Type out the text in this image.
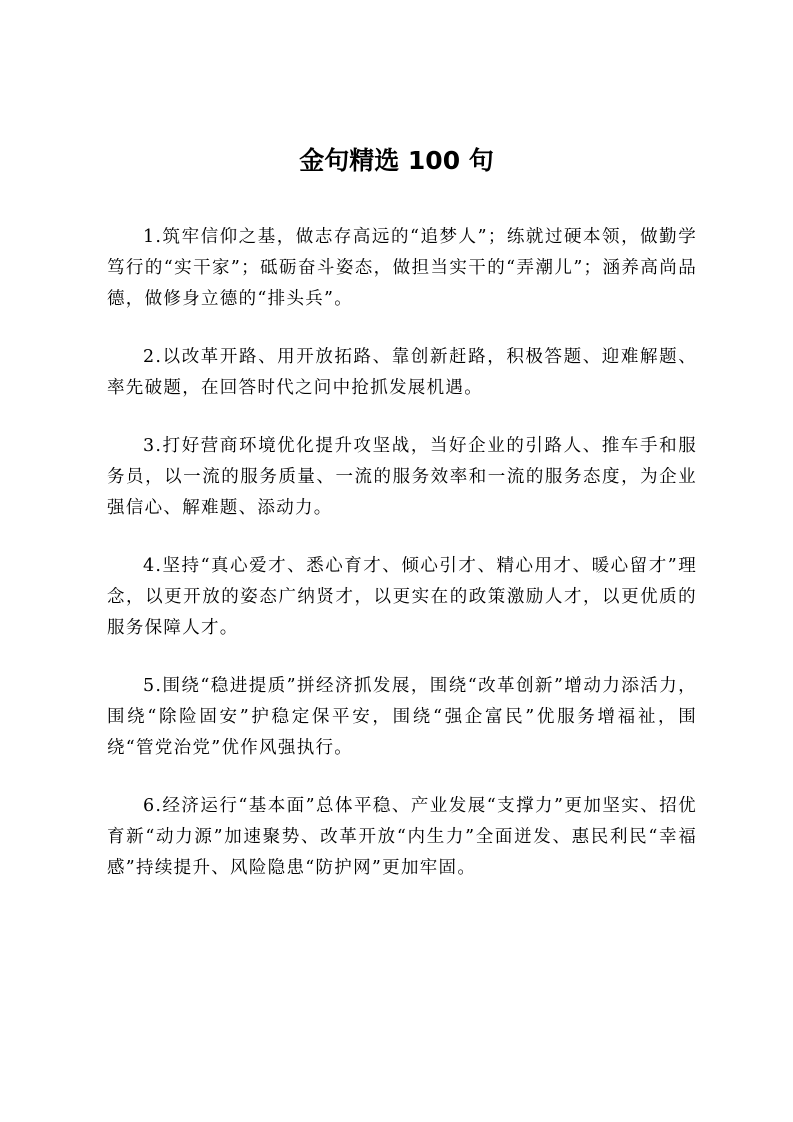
金句精选 100 句

1.筑牢信仰之基，做志存高远的“追梦人”；练就过硬本领，做勤学笃行的“实干家”；砥砺奋斗姿态，做担当实干的“弄潮儿”；涵养高尚品德，做修身立德的“排头兵”。

2.以改革开路、用开放拓路、靠创新赶路，积极答题、迎难解题、率先破题，在回答时代之问中抢抓发展机遇。

3.打好营商环境优化提升攻坚战，当好企业的引路人、推车手和服务员，以一流的服务质量、一流的服务效率和一流的服务态度，为企业强信心、解难题、添动力。

4.坚持“真心爱才、悉心育才、倾心引才、精心用才、暖心留才”理念，以更开放的姿态广纳贤才，以更实在的政策激励人才，以更优质的服务保障人才。

5.围绕“稳进提质”拼经济抓发展，围绕“改革创新”增动力添活力，围绕“除险固安”护稳定保平安，围绕“强企富民”优服务增福祉，围绕“管党治党”优作风强执行。

6.经济运行“基本面”总体平稳、产业发展“支撑力”更加坚实、招优育新“动力源”加速聚势、改革开放“内生力”全面迸发、惠民利民“幸福感”持续提升、风险隐患“防护网”更加牢固。
